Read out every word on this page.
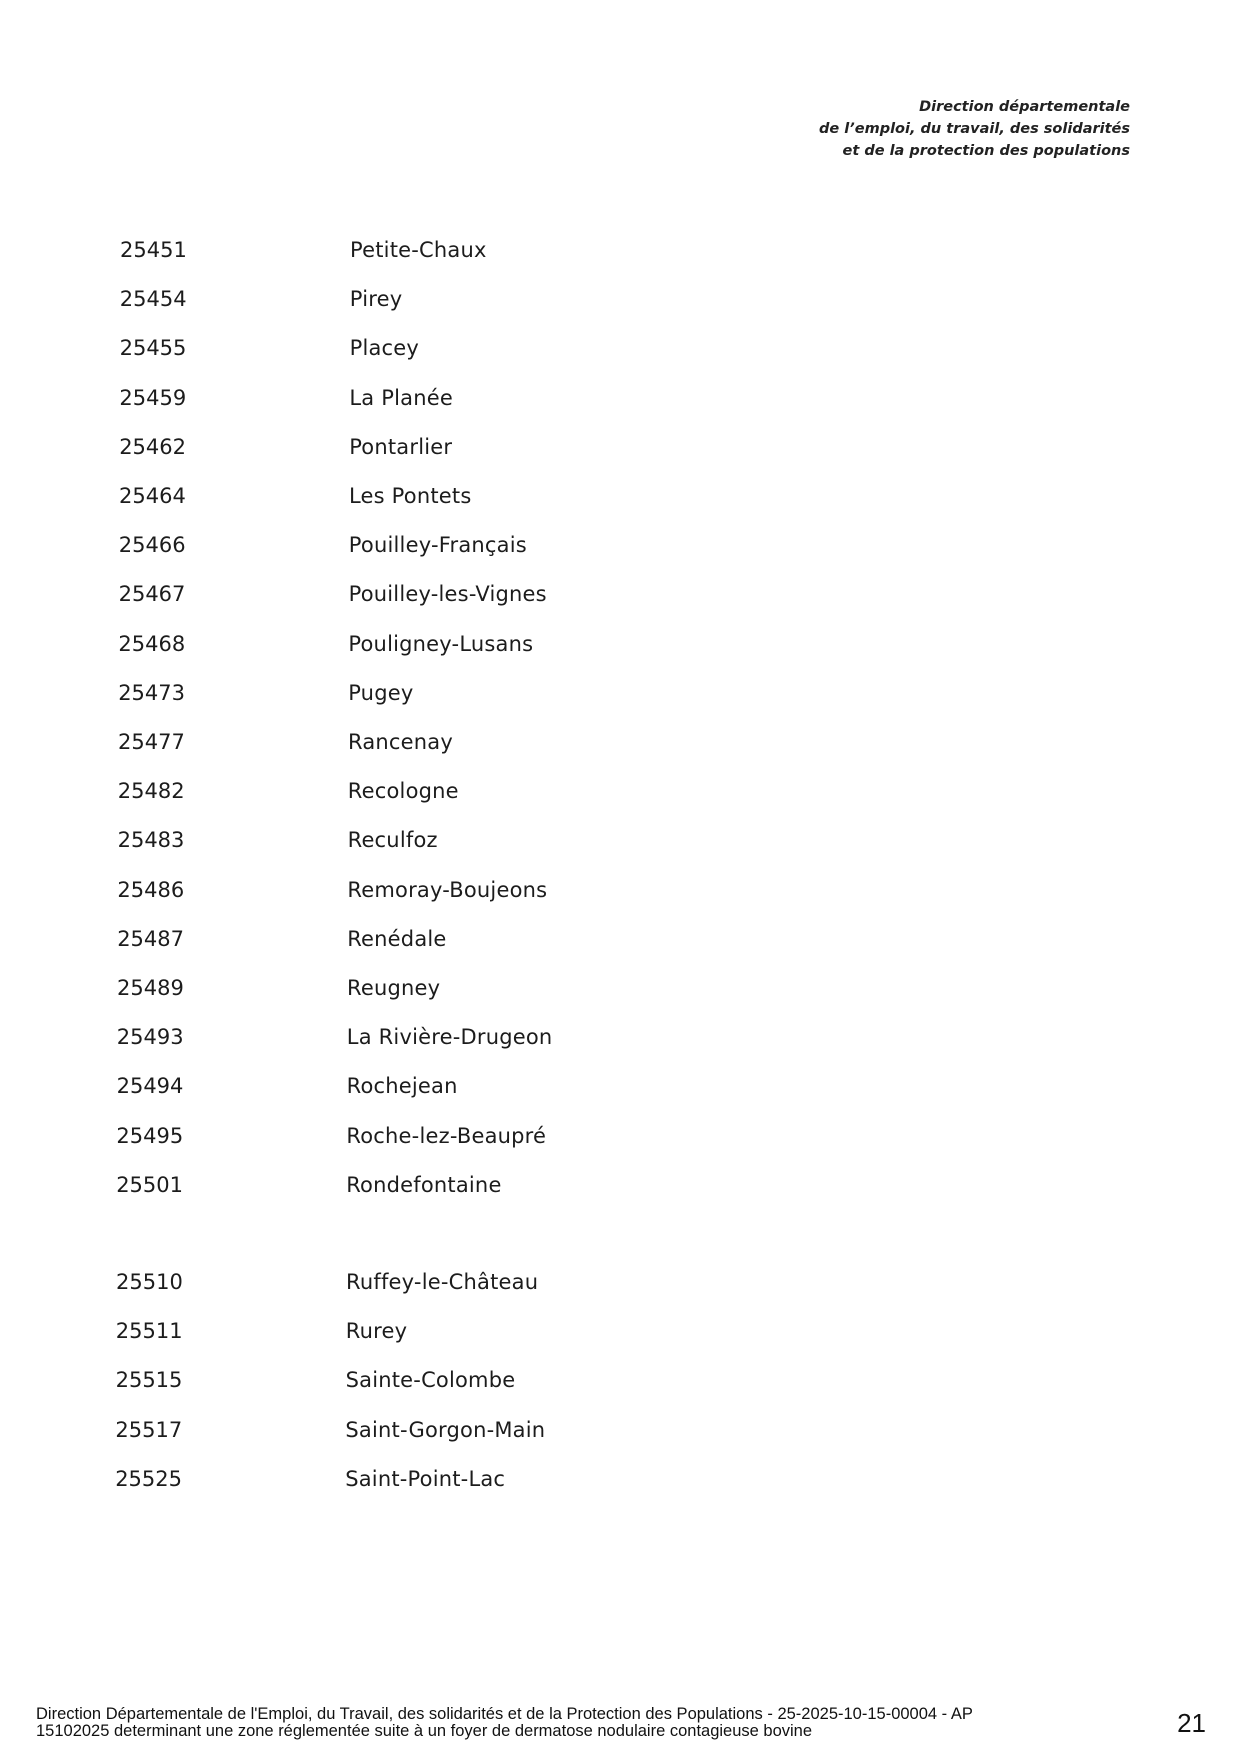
Direction départementale
de l’emploi, du travail, des solidarités
et de la protection des populations
25451	Petite-Chaux
25454	Pirey
25455	Placey
25459	La Planée
25462	Pontarlier
25464	Les Pontets
25466	Pouilley-Français
25467	Pouilley-les-Vignes
25468	Pouligney-Lusans
25473	Pugey
25477	Rancenay
25482	Recologne
25483	Reculfoz
25486	Remoray-Boujeons
25487	Renédale
25489	Reugney
25493	La Rivière-Drugeon
25494	Rochejean
25495	Roche-lez-Beaupré
25501	Rondefontaine
25510	Ruffey-le-Château
25511	Rurey
25515	Sainte-Colombe
25517	Saint-Gorgon-Main
25525	Saint-Point-Lac
Direction Départementale de l'Emploi, du Travail, des solidarités et de la Protection des Populations - 25-2025-10-15-00004 - AP
15102025 determinant une zone réglementée suite à un foyer de dermatose nodulaire contagieuse bovine	21
